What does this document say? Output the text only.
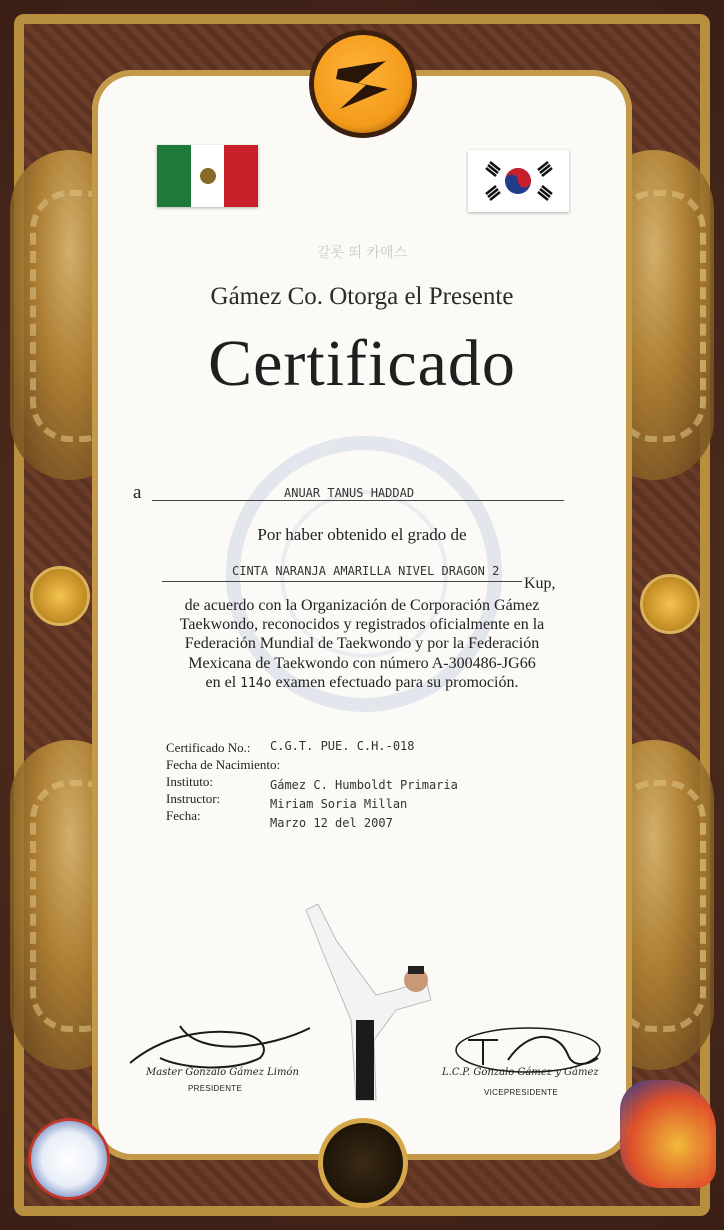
갈롯 뙤 카매스
Gámez Co. Otorga el Presente
Certificado
a	ANUAR TANUS HADDAD
Por haber obtenido el grado de
CINTA NARANJA AMARILLA NIVEL DRAGON 2
Kup,
de acuerdo con la Organización de Corporación Gámez
Taekwondo, reconocidos y registrados oficialmente en la
Federación Mundial de Taekwondo y por la Federación
Mexicana de Taekwondo con número A-300486-JG66
en el 114o examen efectuado para su promoción.
Certificado No.: C.G.T. PUE. C.H.-018
Fecha de Nacimiento:
Instituto:	Gámez C. Humboldt Primaria
Instructor:	Miriam Soria Millan
Fecha:	Marzo 12 del 2007
Master Gonzalo Gámez Limón
PRESIDENTE
L.C.P. Gonzalo Gámez y Gámez
VICEPRESIDENTE
